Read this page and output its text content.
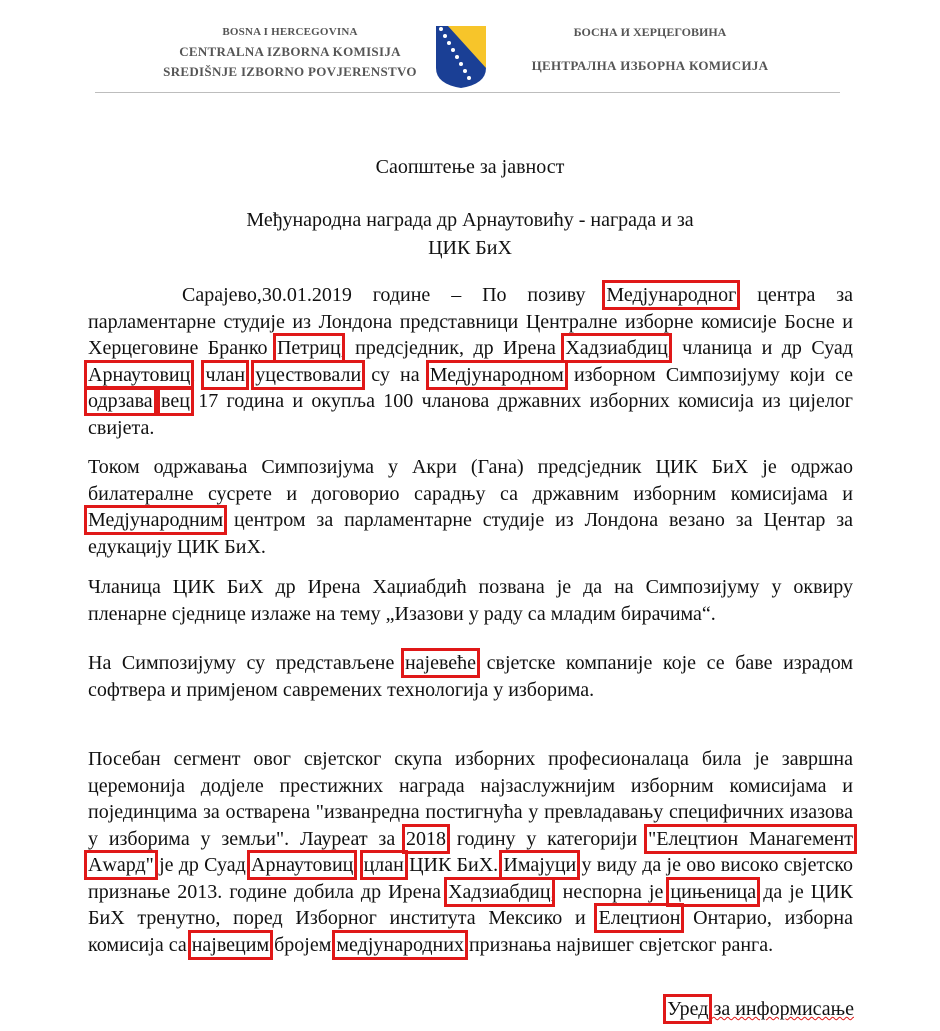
BOSNA I HERCEGOVINA
CENTRALNA IZBORNA KOMISIJA
SREDIŠNJE IZBORNO POVJERENSTVO
БОСНА И ХЕРЦЕГОВИНА
ЦЕНТРАЛНА ИЗБОРНА КОМИСИЈА
Саопштење за јавност
Међународна награда др Арнаутовићу - награда и за
ЦИК БиХ
Сарајево,30.01.2019 године – По позиву Медјународног центра за парламентарне студије из Лондона представници Централне изборне комисије Босне и Херцеговине Бранко Петриц, предсједник, др Ирена Хадзиабдиц, чланица и др Суад Арнаутовиц, члан уцествовали су на Медјународном изборном Симпозијуму који се одрзава вец 17 година и окупља 100 чланова државних изборних комисија из цијелог свијета.
Током одржавања Симпозијума у Акри (Гана) предсједник ЦИК БиХ је одржао билатералне сусрете и договорио сарадњу са државним изборним комисијама и Медјународним центром за парламентарне студије из Лондона везано за Центар за едукацију ЦИК БиХ.
Чланица ЦИК БиХ др Ирена Хаџиабдић позвана је да на Симпозијуму у оквиру пленарне сједнице излаже на тему „Изазови у раду са младим бирачима“.
На Симпозијуму су представљене најевеће свјетске компаније које се баве израдом софтвера и примјеном савремених технологија у изборима.
Посебан сегмент овог свјетског скупа изборних професионалаца била је завршна церемонија додјеле престижних награда најзаслужнијим изборним комисијама и појединцима за остварена "изванредна постигнућа у превладавању специфичних изазова у изборима у земљи". Лауреат за 2018 годину у категорији "Елецтион Манагемент Аwард" је др Суад Арнаутовиц, цлан ЦИК БиХ. Имајуци у виду да је ово високо свјетско признање 2013. године добила др Ирена Хадзиабдиц, неспорна је цињеница да је ЦИК БиХ тренутно, поред Изборног института Мексико и Елецтион Онтарио, изборна комисија са највецим бројем медјународних признања највишег свјетског ранга.
Уред за информисање
